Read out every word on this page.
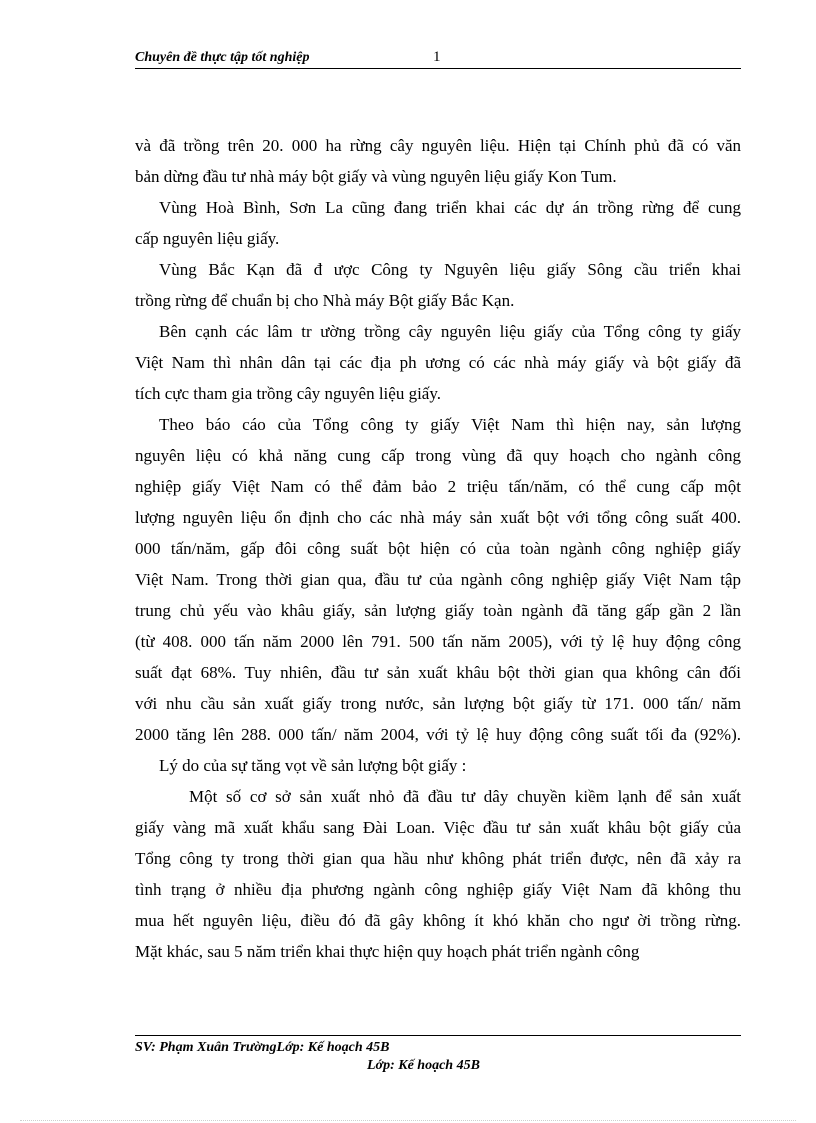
Chuyên đề thực tập tốt nghiệp	1
và đã trồng trên 20. 000 ha rừng cây nguyên liệu. Hiện tại Chính phủ đã có văn
bản dừng đầu tư nhà máy bột giấy và vùng nguyên liệu giấy Kon Tum.
Vùng Hoà Bình, Sơn La cũng đang triển khai các dự án trồng rừng để cung
cấp nguyên liệu giấy.
Vùng Bắc Kạn đã đ ược Công ty Nguyên liệu giấy Sông cầu triển khai
trồng rừng để chuẩn bị cho Nhà máy Bột giấy Bắc Kạn.
Bên cạnh các lâm tr ường trồng cây nguyên liệu giấy của Tổng công ty giấy
Việt Nam thì nhân dân tại các địa ph ương có các nhà máy giấy và bột giấy đã
tích cực tham gia trồng cây nguyên liệu giấy.
Theo báo cáo của Tổng công ty giấy Việt Nam thì hiện nay, sản lượng
nguyên liệu có khả năng cung cấp trong vùng đã quy hoạch cho ngành công
nghiệp giấy Việt Nam có thể đảm bảo 2 triệu tấn/năm, có thể cung cấp một
lượng nguyên liệu ổn định cho các nhà máy sản xuất bột với tổng công suất 400.
000 tấn/năm, gấp đôi công suất bột hiện có của toàn ngành công nghiệp giấy
Việt Nam. Trong thời gian qua, đầu tư của ngành công nghiệp giấy Việt Nam tập
trung chủ yếu vào khâu giấy, sản lượng giấy toàn ngành đã tăng gấp gần 2 lần
(từ 408. 000 tấn năm 2000 lên 791. 500 tấn năm 2005), với tỷ lệ huy động công
suất đạt 68%. Tuy nhiên, đầu tư sản xuất khâu bột thời gian qua không cân đối
với nhu cầu sản xuất giấy trong nước, sản lượng bột giấy từ 171. 000 tấn/ năm
2000 tăng lên 288. 000 tấn/ năm 2004, với tỷ lệ huy động công suất tối đa (92%).
Lý do của sự tăng vọt về sản lượng bột giấy :
Một số cơ sở sản xuất nhỏ đã đầu tư dây chuyền kiềm lạnh để sản xuất
giấy vàng mã xuất khẩu sang Đài Loan. Việc đầu tư sản xuất khâu bột giấy của
Tổng công ty trong thời gian qua hầu như không phát triển được, nên đã xảy ra
tình trạng ở nhiều địa phương ngành công nghiệp giấy Việt Nam đã không thu
mua hết nguyên liệu, điều đó đã gây không ít khó khăn cho ngư ời trồng rừng.
Mặt khác, sau 5 năm triển khai thực hiện quy hoạch phát triển ngành công
SV: Phạm Xuân TrườngLớp: Kế hoạch 45B
Lớp: Kế hoạch 45B
